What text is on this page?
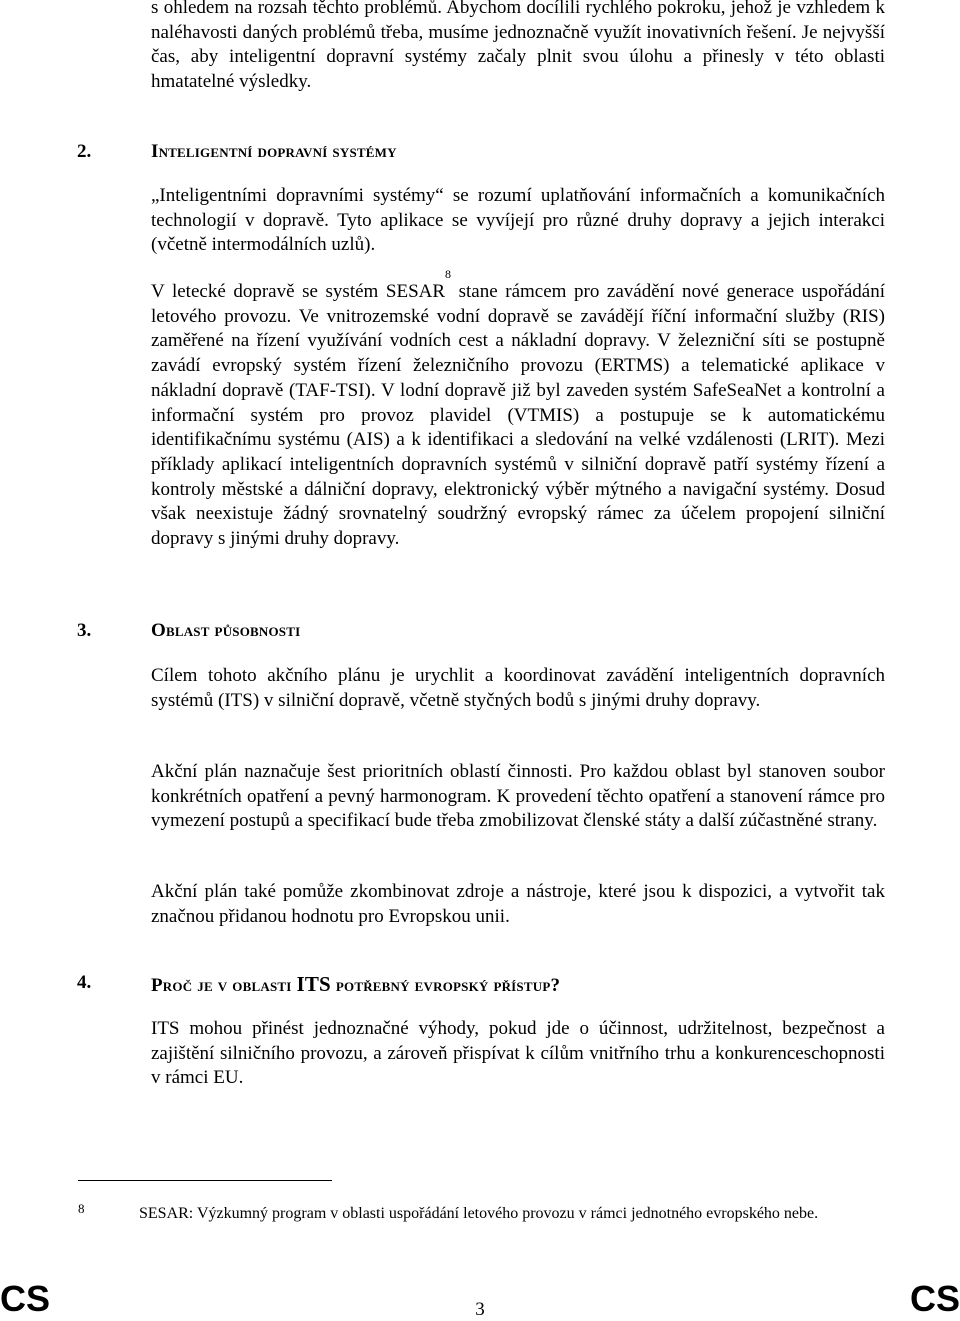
s ohledem na rozsah těchto problémů. Abychom docílili rychlého pokroku, jehož je vzhledem k naléhavosti daných problémů třeba, musíme jednoznačně využít inovativních řešení. Je nejvyšší čas, aby inteligentní dopravní systémy začaly plnit svou úlohu a přinesly v této oblasti hmatatelné výsledky.

2.	Inteligentní dopravní systémy

„Inteligentními dopravními systémy“ se rozumí uplatňování informačních a komunikačních technologií v dopravě. Tyto aplikace se vyvíjejí pro různé druhy dopravy a jejich interakci (včetně intermodálních uzlů).

V letecké dopravě se systém SESAR$^8$ stane rámcem pro zavádění nové generace uspořádání letového provozu. Ve vnitrozemské vodní dopravě se zavádějí říční informační služby (RIS) zaměřené na řízení využívání vodních cest a nákladní dopravy. V železniční síti se postupně zavádí evropský systém řízení železničního provozu (ERTMS) a telematické aplikace v nákladní dopravě (TAF-TSI). V lodní dopravě již byl zaveden systém SafeSeaNet a kontrolní a informační systém pro provoz plavidel (VTMIS) a postupuje se k automatickému identifikačnímu systému (AIS) a k identifikaci a sledování na velké vzdálenosti (LRIT). Mezi příklady aplikací inteligentních dopravních systémů v silniční dopravě patří systémy řízení a kontroly městské a dálniční dopravy, elektronický výběr mýtného a navigační systémy. Dosud však neexistuje žádný srovnatelný soudržný evropský rámec za účelem propojení silniční dopravy s jinými druhy dopravy.

3.	Oblast působnosti

Cílem tohoto akčního plánu je urychlit a koordinovat zavádění inteligentních dopravních systémů (ITS) v silniční dopravě, včetně styčných bodů s jinými druhy dopravy.

Akční plán naznačuje šest prioritních oblastí činnosti. Pro každou oblast byl stanoven soubor konkrétních opatření a pevný harmonogram. K provedení těchto opatření a stanovení rámce pro vymezení postupů a specifikací bude třeba zmobilizovat členské státy a další zúčastněné strany.

Akční plán také pomůže zkombinovat zdroje a nástroje, které jsou k dispozici, a vytvořit tak značnou přidanou hodnotu pro Evropskou unii.

4.	Proč je v oblasti ITS potřebný evropský přístup?

ITS mohou přinést jednoznačné výhody, pokud jde o účinnost, udržitelnost, bezpečnost a zajištění silničního provozu, a zároveň přispívat k cílům vnitřního trhu a konkurenceschopnosti v rámci EU.

8	SESAR: Výzkumný program v oblasti uspořádání letového provozu v rámci jednotného evropského nebe.
CS	3	CS
